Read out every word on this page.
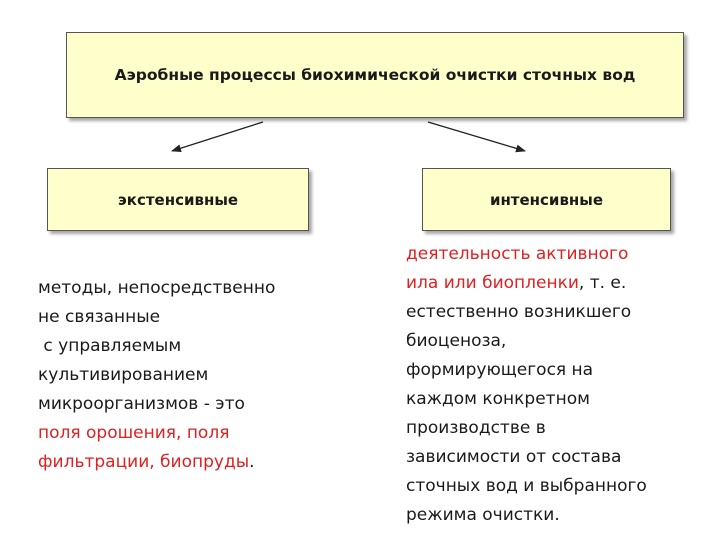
Аэробные процессы биохимической очистки сточных вод
экстенсивные	интенсивные
методы, непосредственно
не связанные
с управляемым
культивированием
микроорганизмов - это
поля орошения, поля
фильтрации, биопруды.
деятельность активного
ила или биопленки, т. е.
естественно возникшего
биоценоза,
формирующегося на
каждом конкретном
производстве в
зависимости от состава
сточных вод и выбранного
режима очистки.
